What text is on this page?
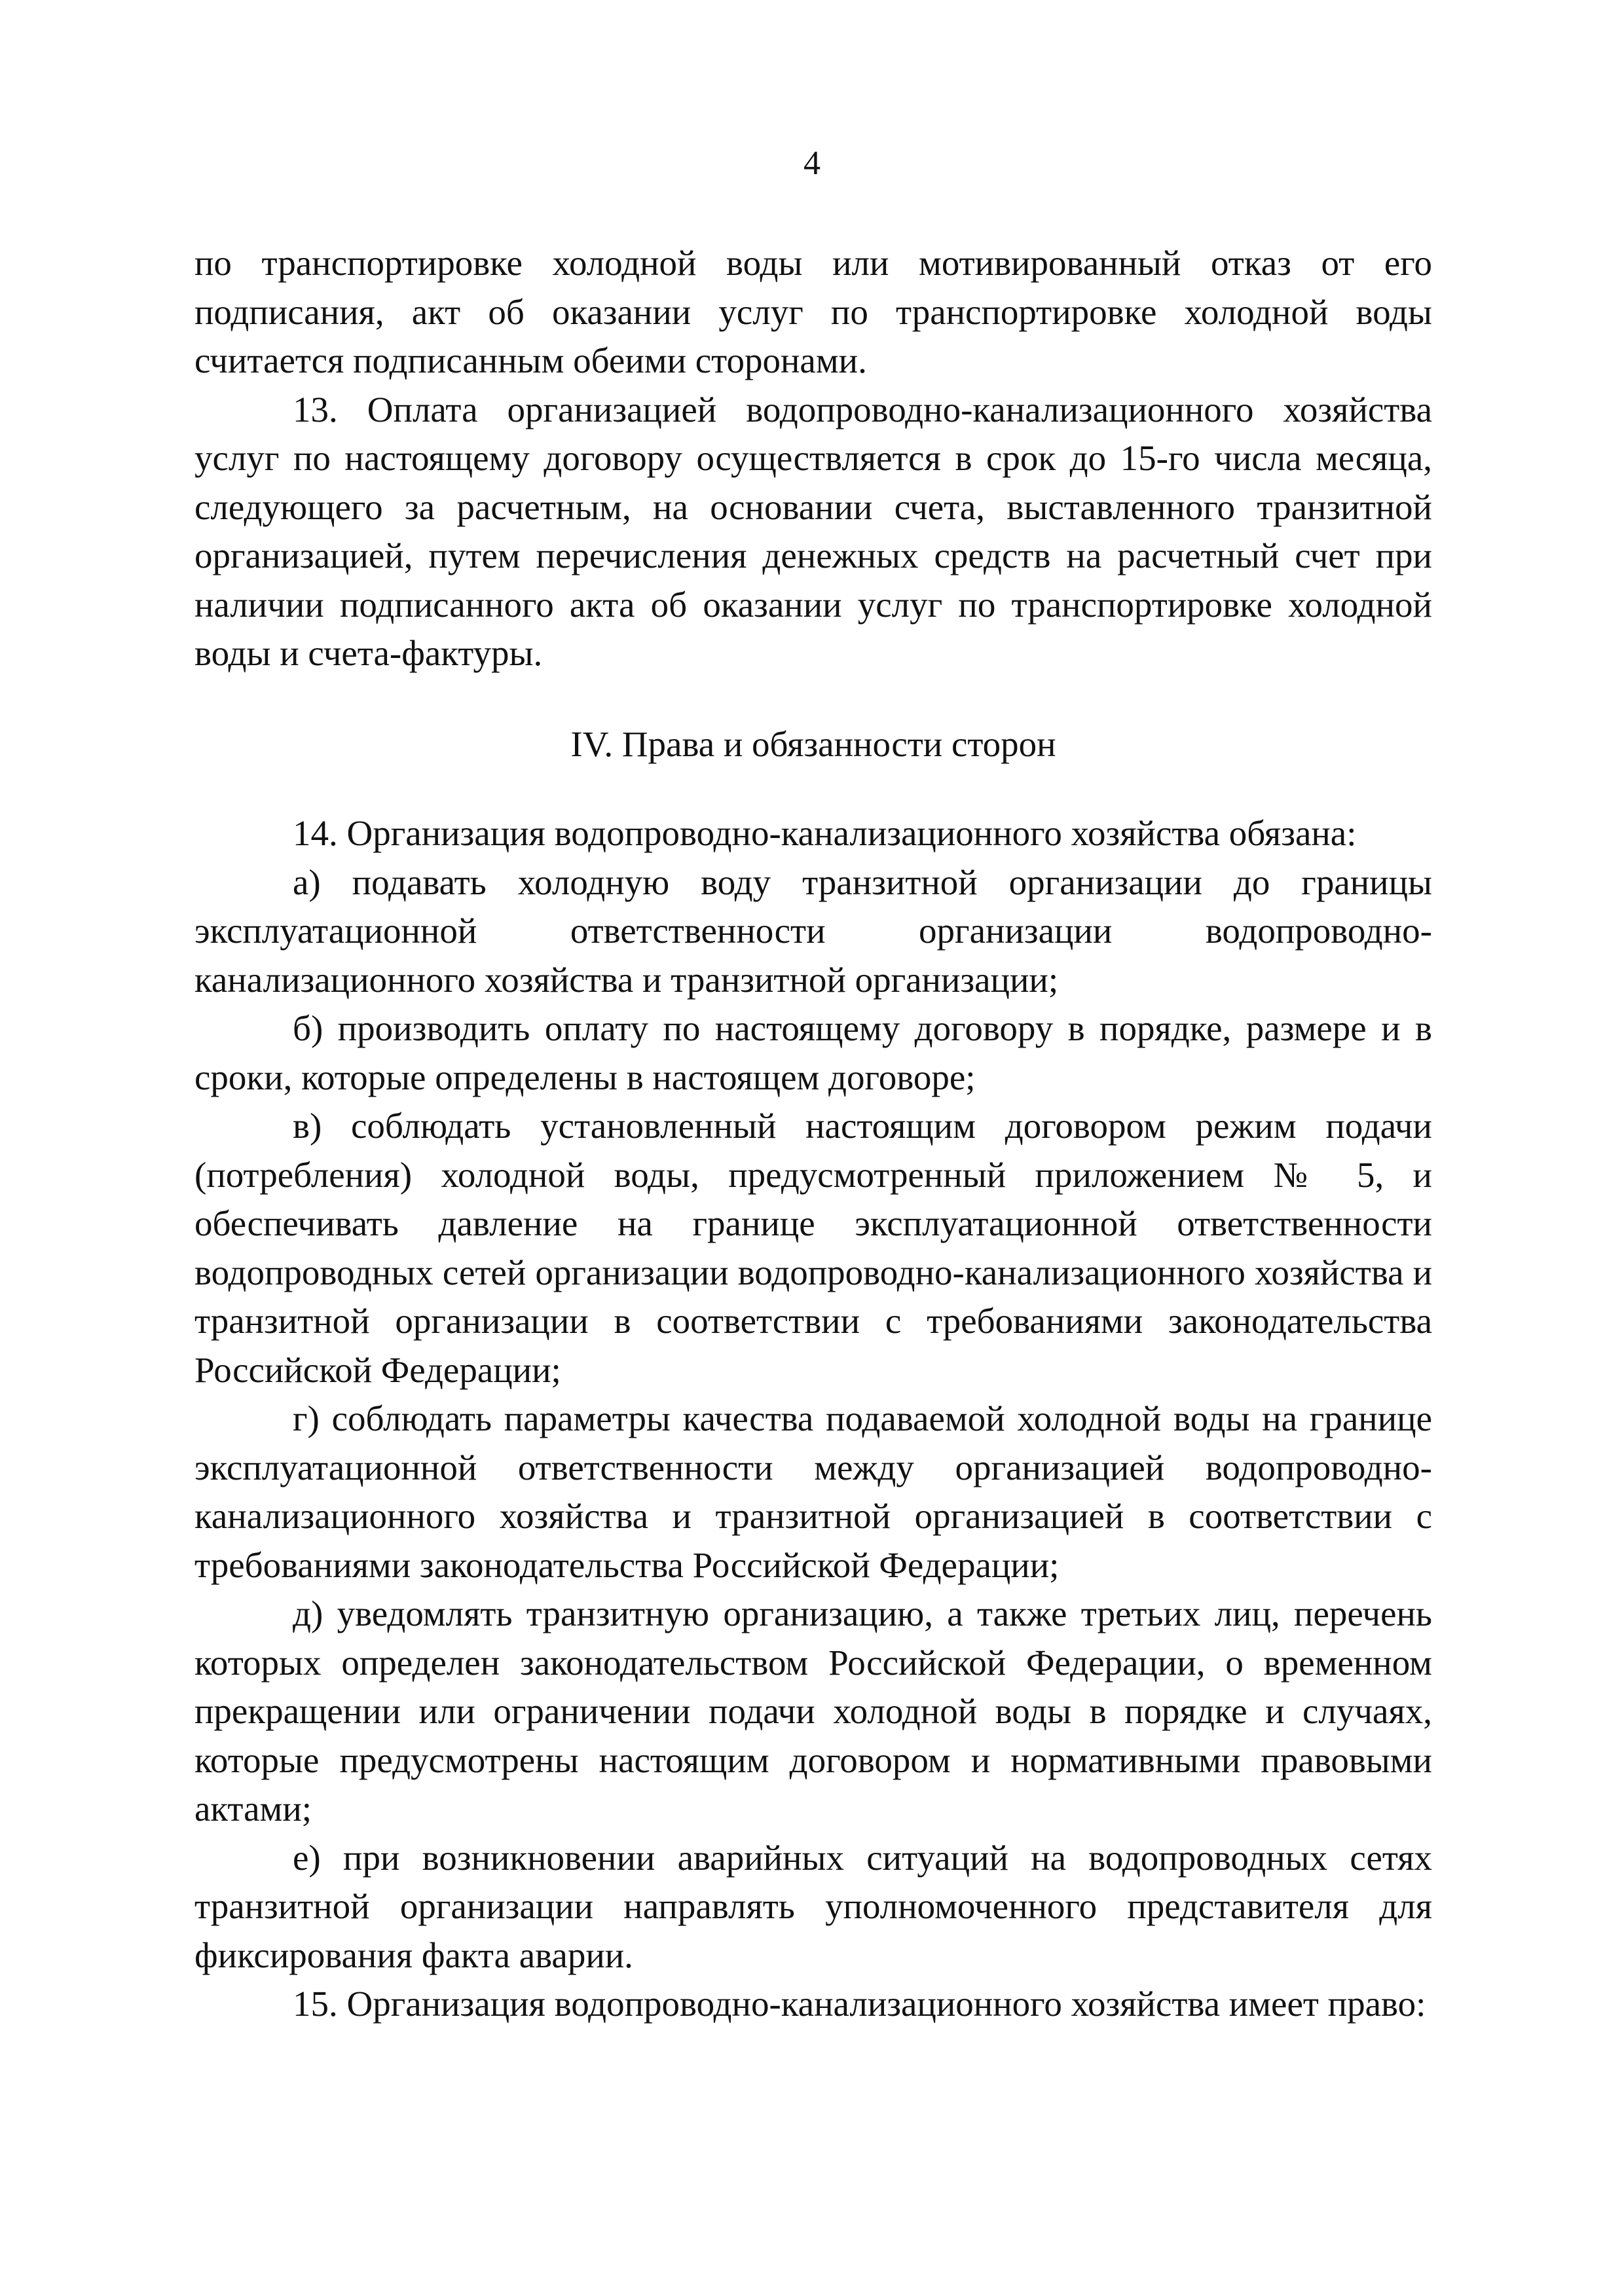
4

по транспортировке холодной воды или мотивированный отказ от его подписания, акт об оказании услуг по транспортировке холодной воды считается подписанным обеими сторонами.

13. Оплата организацией водопроводно-канализационного хозяйства услуг по настоящему договору осуществляется в срок до 15-го числа месяца, следующего за расчетным, на основании счета, выставленного транзитной организацией, путем перечисления денежных средств на расчетный счет при наличии подписанного акта об оказании услуг по транспортировке холодной воды и счета-фактуры.

IV. Права и обязанности сторон

14. Организация водопроводно-канализационного хозяйства обязана:

а) подавать холодную воду транзитной организации до границы эксплуатационной ответственности организации водопроводно-канализационного хозяйства и транзитной организации;

б) производить оплату по настоящему договору в порядке, размере и в сроки, которые определены в настоящем договоре;

в) соблюдать установленный настоящим договором режим подачи (потребления) холодной воды, предусмотренный приложением № 5, и обеспечивать давление на границе эксплуатационной ответственности водопроводных сетей организации водопроводно-канализационного хозяйства и транзитной организации в соответствии с требованиями законодательства Российской Федерации;

г) соблюдать параметры качества подаваемой холодной воды на границе эксплуатационной ответственности между организацией водопроводно-канализационного хозяйства и транзитной организацией в соответствии с требованиями законодательства Российской Федерации;

д) уведомлять транзитную организацию, а также третьих лиц, перечень которых определен законодательством Российской Федерации, о временном прекращении или ограничении подачи холодной воды в порядке и случаях, которые предусмотрены настоящим договором и нормативными правовыми актами;

е) при возникновении аварийных ситуаций на водопроводных сетях транзитной организации направлять уполномоченного представителя для фиксирования факта аварии.

15. Организация водопроводно-канализационного хозяйства имеет право:
